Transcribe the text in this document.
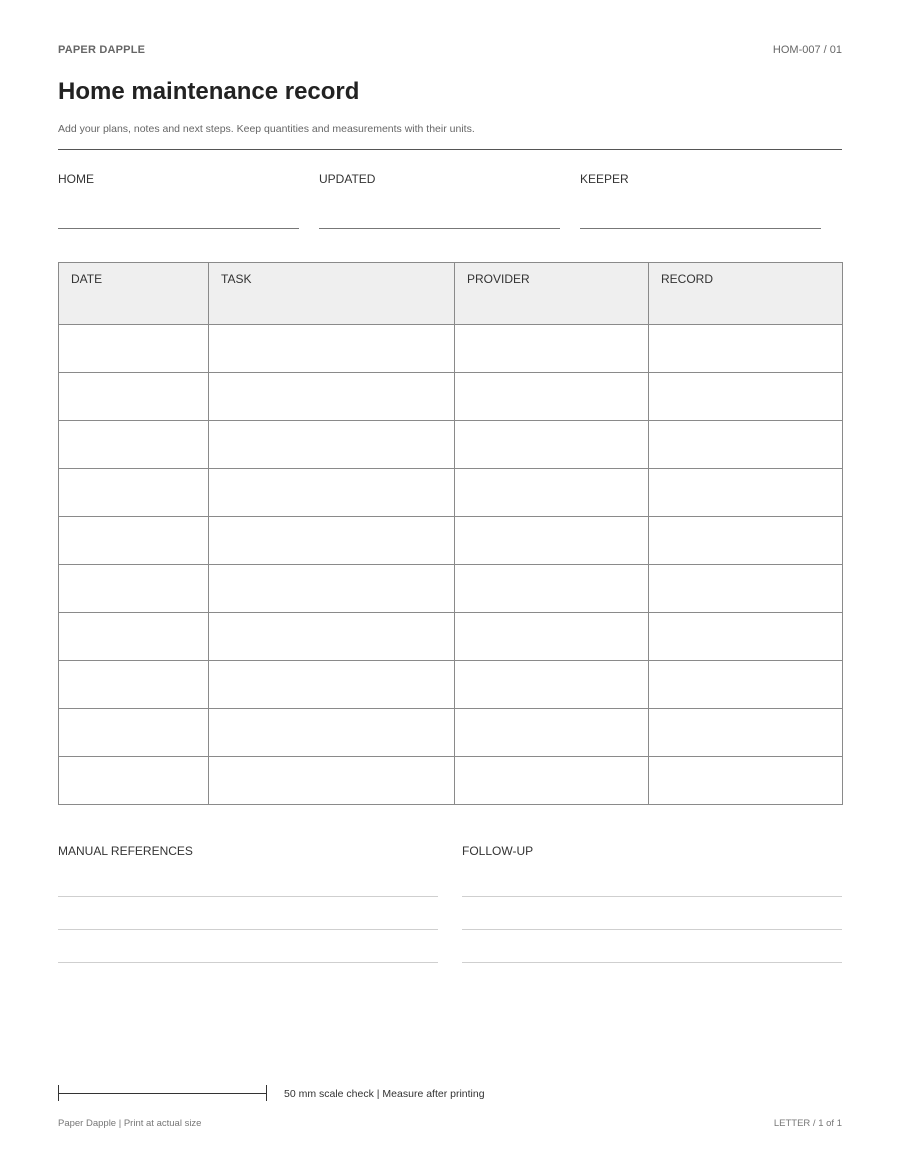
PAPER DAPPLE	HOM-007 / 01
Home maintenance record
Add your plans, notes and next steps. Keep quantities and measurements with their units.
HOME	UPDATED	KEEPER
DATE	TASK	PROVIDER	RECORD

MANUAL REFERENCES	FOLLOW-UP
50 mm scale check | Measure after printing
Paper Dapple | Print at actual size	LETTER / 1 of 1
